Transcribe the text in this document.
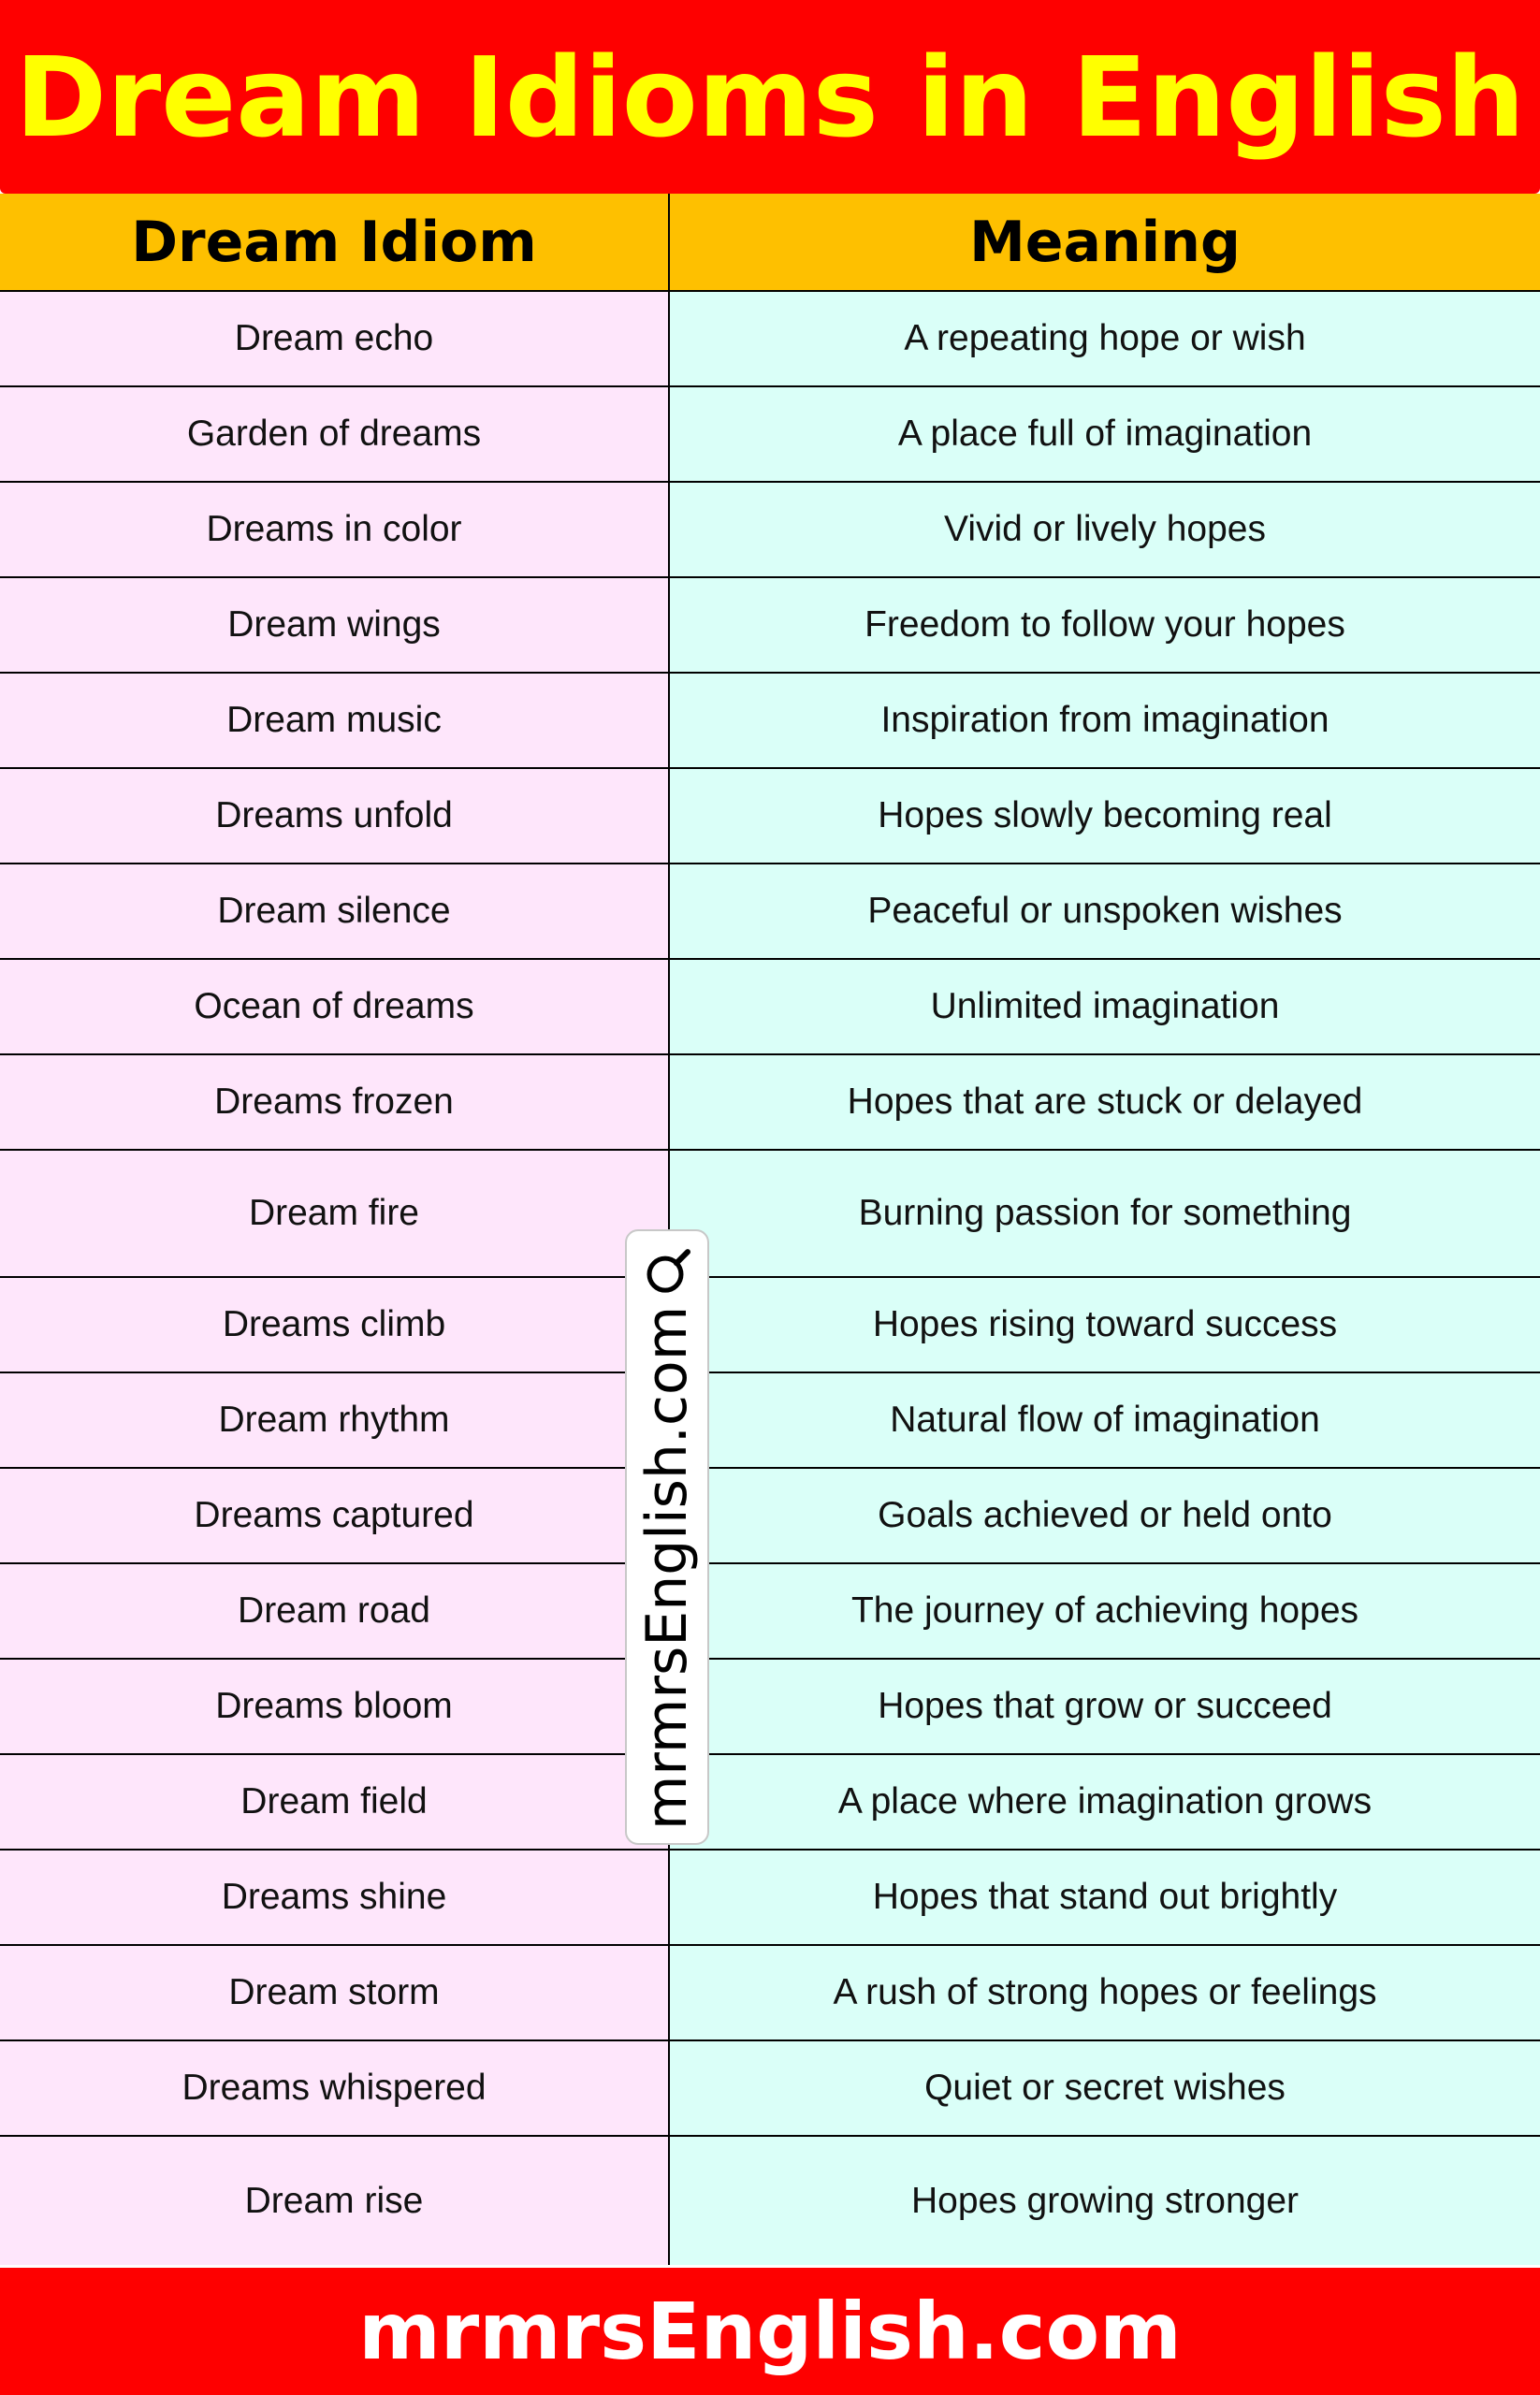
Dream Idioms in English
Dream Idiom	Meaning
Dream echo	A repeating hope or wish
Garden of dreams	A place full of imagination
Dreams in color	Vivid or lively hopes
Dream wings	Freedom to follow your hopes
Dream music	Inspiration from imagination
Dreams unfold	Hopes slowly becoming real
Dream silence	Peaceful or unspoken wishes
Ocean of dreams	Unlimited imagination
Dreams frozen	Hopes that are stuck or delayed
Dream fire	Burning passion for something
Dreams climb	Hopes rising toward success
Dream rhythm	Natural flow of imagination
Dreams captured	Goals achieved or held onto
Dream road	The journey of achieving hopes
Dreams bloom	Hopes that grow or succeed
Dream field	A place where imagination grows
Dreams shine	Hopes that stand out brightly
Dream storm	A rush of strong hopes or feelings
Dreams whispered	Quiet or secret wishes
Dream rise	Hopes growing stronger
mrmrsEnglish.com
mrmrsEnglish.com
